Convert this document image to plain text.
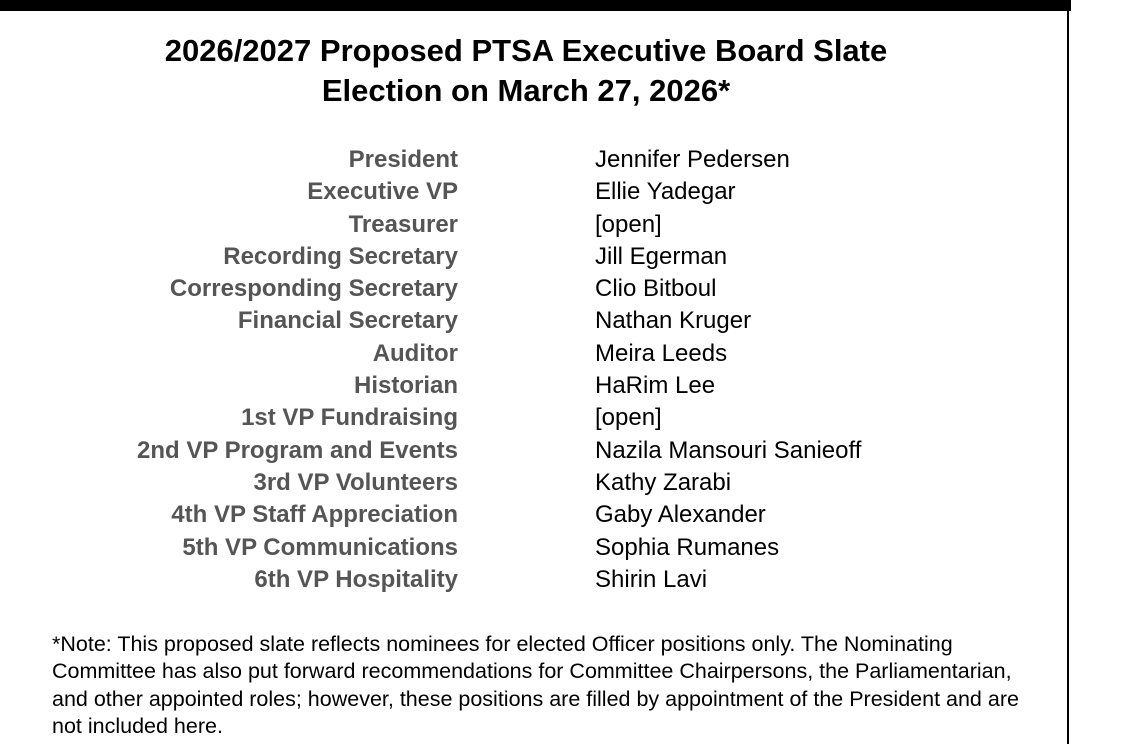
2026/2027 Proposed PTSA Executive Board Slate
Election on March 27, 2026*
President	Jennifer Pedersen
Executive VP	Ellie Yadegar
Treasurer	[open]
Recording Secretary	Jill Egerman
Corresponding Secretary	Clio Bitboul
Financial Secretary	Nathan Kruger
Auditor	Meira Leeds
Historian	HaRim Lee
1st VP Fundraising	[open]
2nd VP Program and Events	Nazila Mansouri Sanieoff
3rd VP Volunteers	Kathy Zarabi
4th VP Staff Appreciation	Gaby Alexander
5th VP Communications	Sophia Rumanes
6th VP Hospitality	Shirin Lavi
*Note: This proposed slate reflects nominees for elected Officer positions only. The Nominating Committee has also put forward recommendations for Committee Chairpersons, the Parliamentarian, and other appointed roles; however, these positions are filled by appointment of the President and are not included here.
